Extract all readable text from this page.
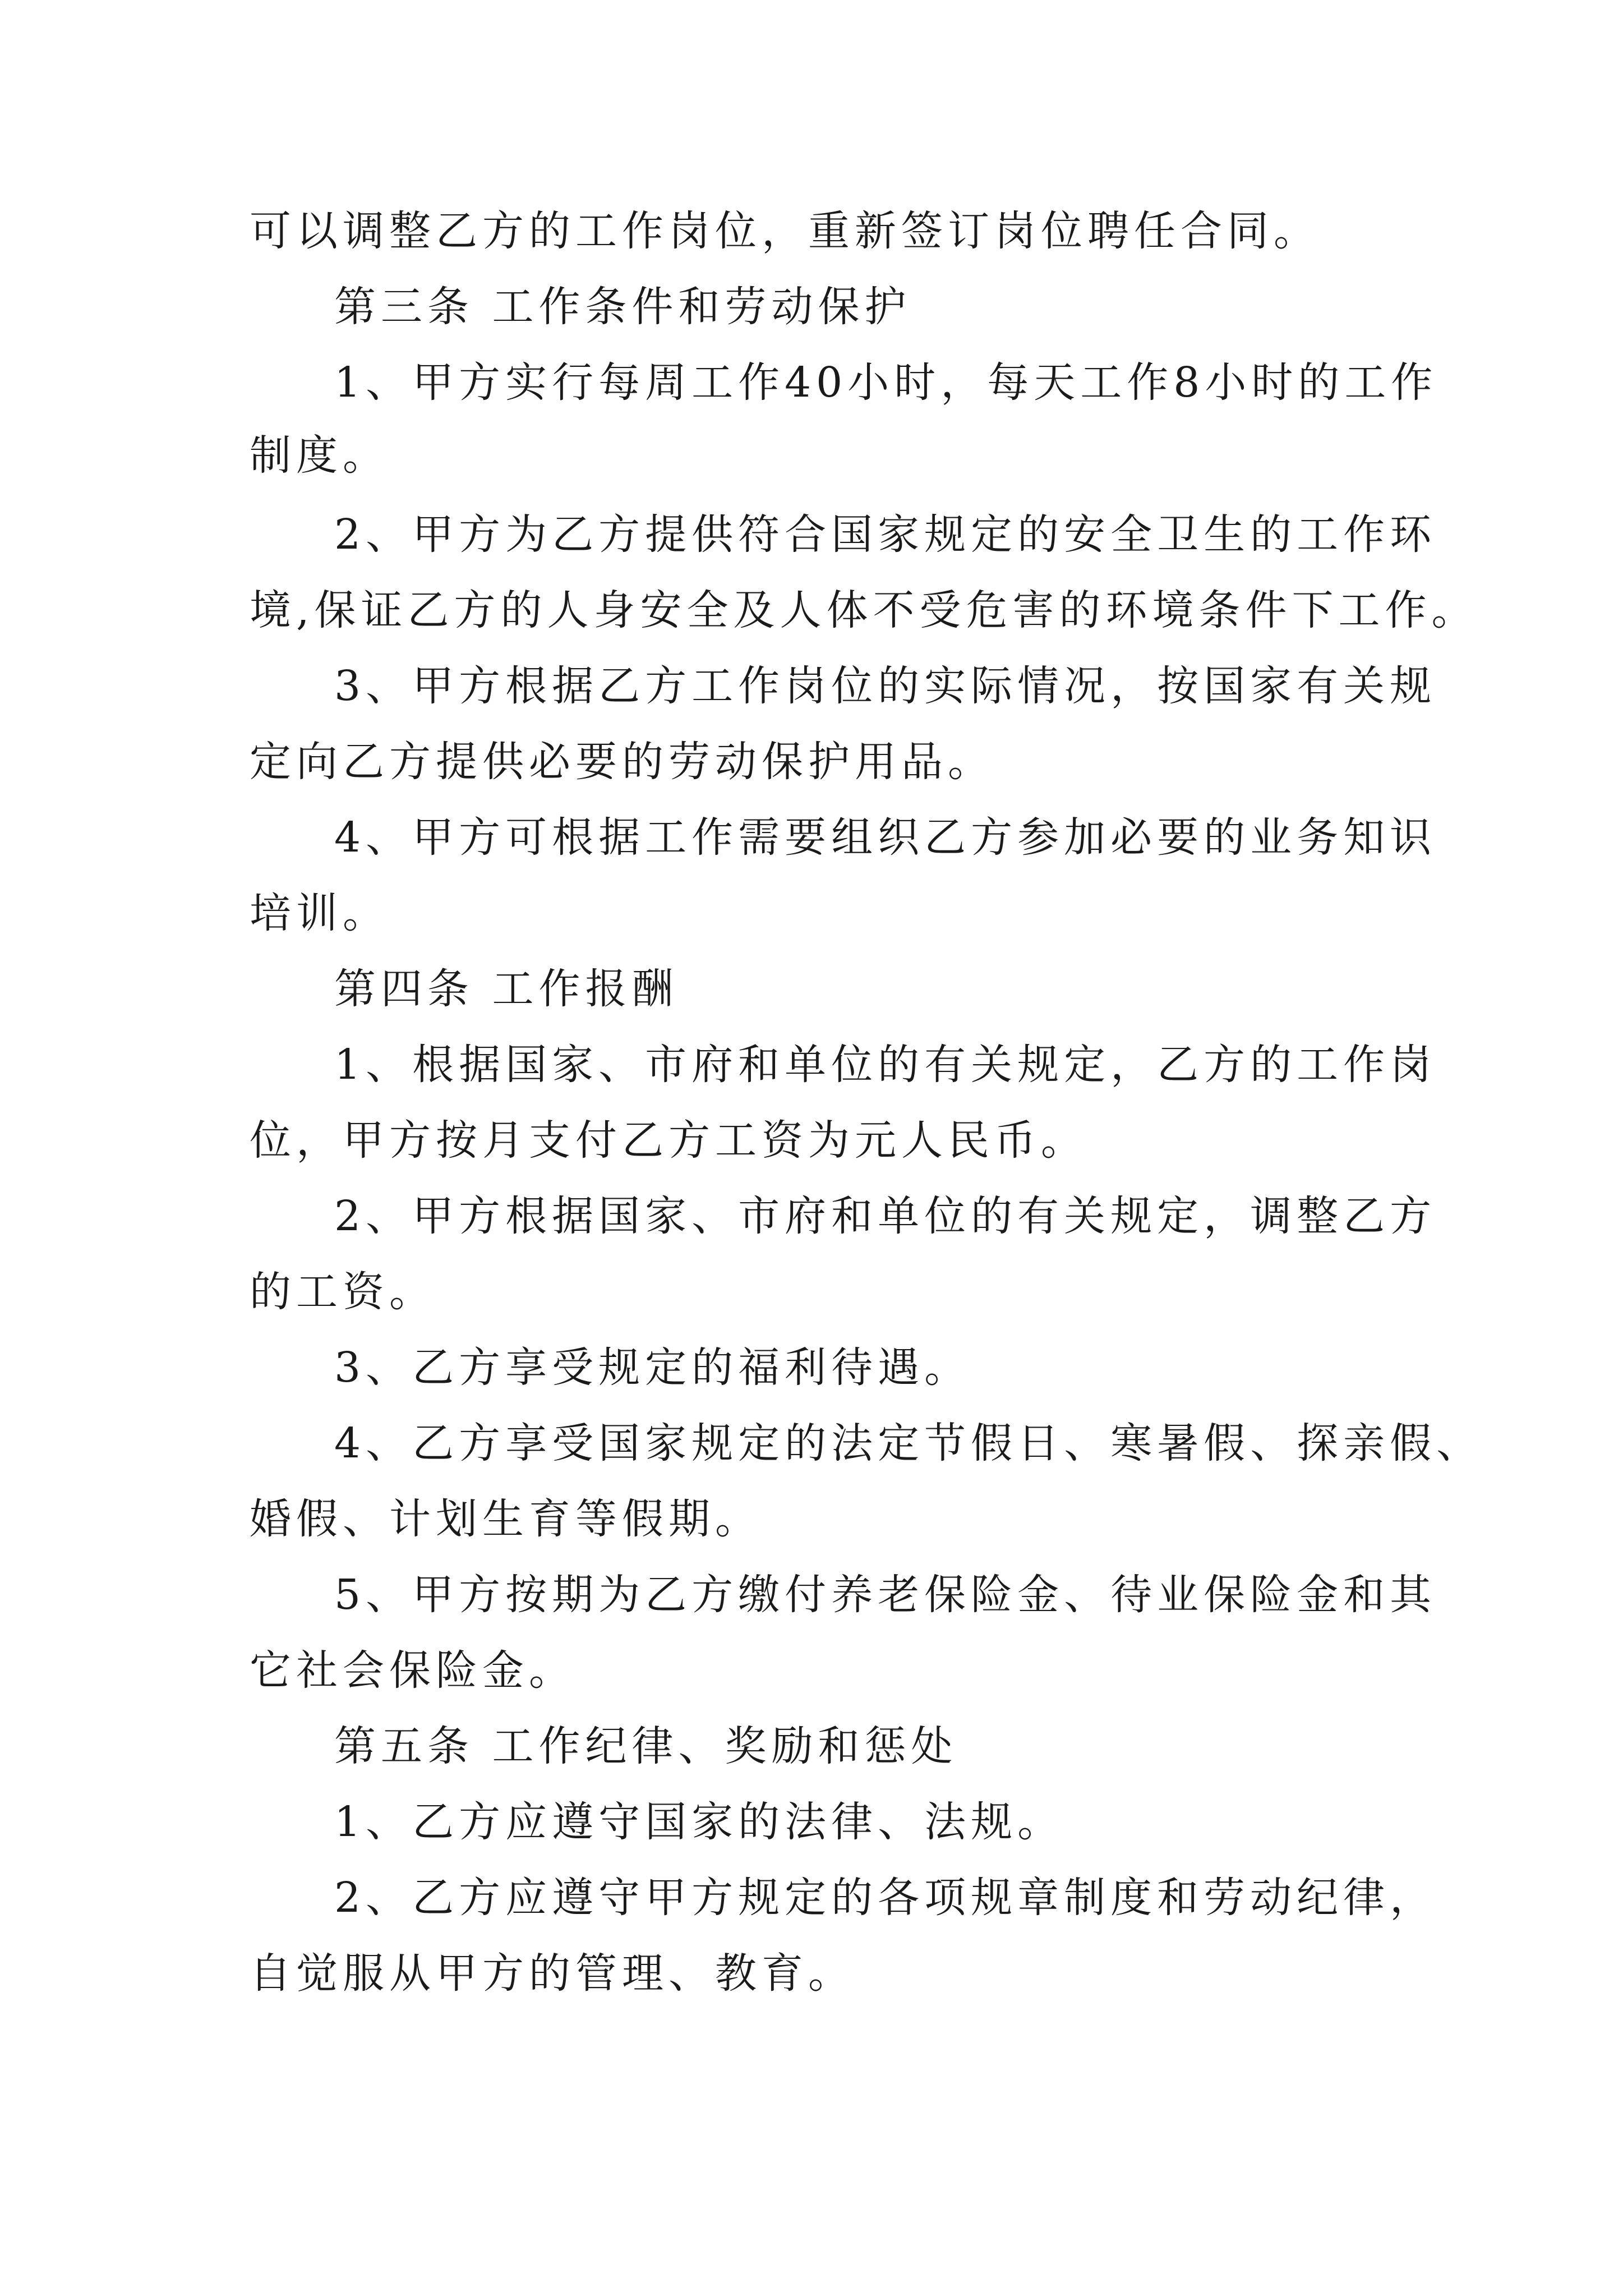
可以调整乙方的工作岗位，重新签订岗位聘任合同。
第三条 工作条件和劳动保护
1、甲方实行每周工作40小时，每天工作8小时的工作
制度。
2、甲方为乙方提供符合国家规定的安全卫生的工作环
境,保证乙方的人身安全及人体不受危害的环境条件下工作。
3、甲方根据乙方工作岗位的实际情况，按国家有关规
定向乙方提供必要的劳动保护用品。
4、甲方可根据工作需要组织乙方参加必要的业务知识
培训。
第四条 工作报酬
1、根据国家、市府和单位的有关规定，乙方的工作岗
位，甲方按月支付乙方工资为元人民币。
2、甲方根据国家、市府和单位的有关规定，调整乙方
的工资。
3、乙方享受规定的福利待遇。
4、乙方享受国家规定的法定节假日、寒暑假、探亲假、
婚假、计划生育等假期。
5、甲方按期为乙方缴付养老保险金、待业保险金和其
它社会保险金。
第五条 工作纪律、奖励和惩处
1、乙方应遵守国家的法律、法规。
2、乙方应遵守甲方规定的各项规章制度和劳动纪律，
自觉服从甲方的管理、教育。
